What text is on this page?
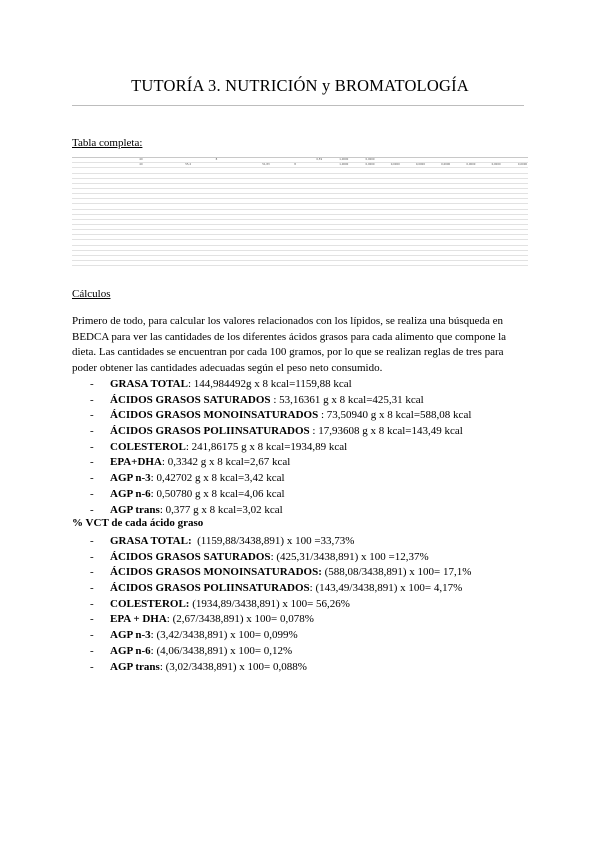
TUTORÍA 3. NUTRICIÓN y BROMATOLOGÍA
Tabla completa:

		40			8				0,59	1,0000	0,0000						
		40		55,4			51,83	8		1,0000	0,0000	0,0000	0,0000	0,0000	0,0000	0,0000	0,0000

Cálculos
Primero de todo, para calcular los valores relacionados con los lípidos, se realiza una búsqueda en BEDCA para ver las cantidades de los diferentes ácidos grasos para cada alimento que compone la dieta. Las cantidades se encuentran por cada 100 gramos, por lo que se realizan reglas de tres para poder obtener las cantidades adecuadas según el peso neto consumido.
- GRASA TOTAL: 144,984492g x 8 kcal=1159,88 kcal
- ÁCIDOS GRASOS SATURADOS : 53,16361 g x 8 kcal=425,31 kcal
- ÁCIDOS GRASOS MONOINSATURADOS : 73,50940 g x 8 kcal=588,08 kcal
- ÁCIDOS GRASOS POLIINSATURADOS : 17,93608 g x 8 kcal=143,49 kcal
- COLESTEROL: 241,86175 g x 8 kcal=1934,89 kcal
- EPA+DHA: 0,3342 g x 8 kcal=2,67 kcal
- AGP n-3: 0,42702 g x 8 kcal=3,42 kcal
- AGP n-6: 0,50780 g x 8 kcal=4,06 kcal
- AGP trans: 0,377 g x 8 kcal=3,02 kcal
% VCT de cada ácido graso
- GRASA TOTAL: (1159,88/3438,891) x 100 =33,73%
- ÁCIDOS GRASOS SATURADOS: (425,31/3438,891) x 100 =12,37%
- ÁCIDOS GRASOS MONOINSATURADOS: (588,08/3438,891) x 100= 17,1%
- ÁCIDOS GRASOS POLIINSATURADOS: (143,49/3438,891) x 100= 4,17%
- COLESTEROL: (1934,89/3438,891) x 100= 56,26%
- EPA + DHA: (2,67/3438,891) x 100= 0,078%
- AGP n-3: (3,42/3438,891) x 100= 0,099%
- AGP n-6: (4,06/3438,891) x 100= 0,12%
- AGP trans: (3,02/3438,891) x 100= 0,088%
